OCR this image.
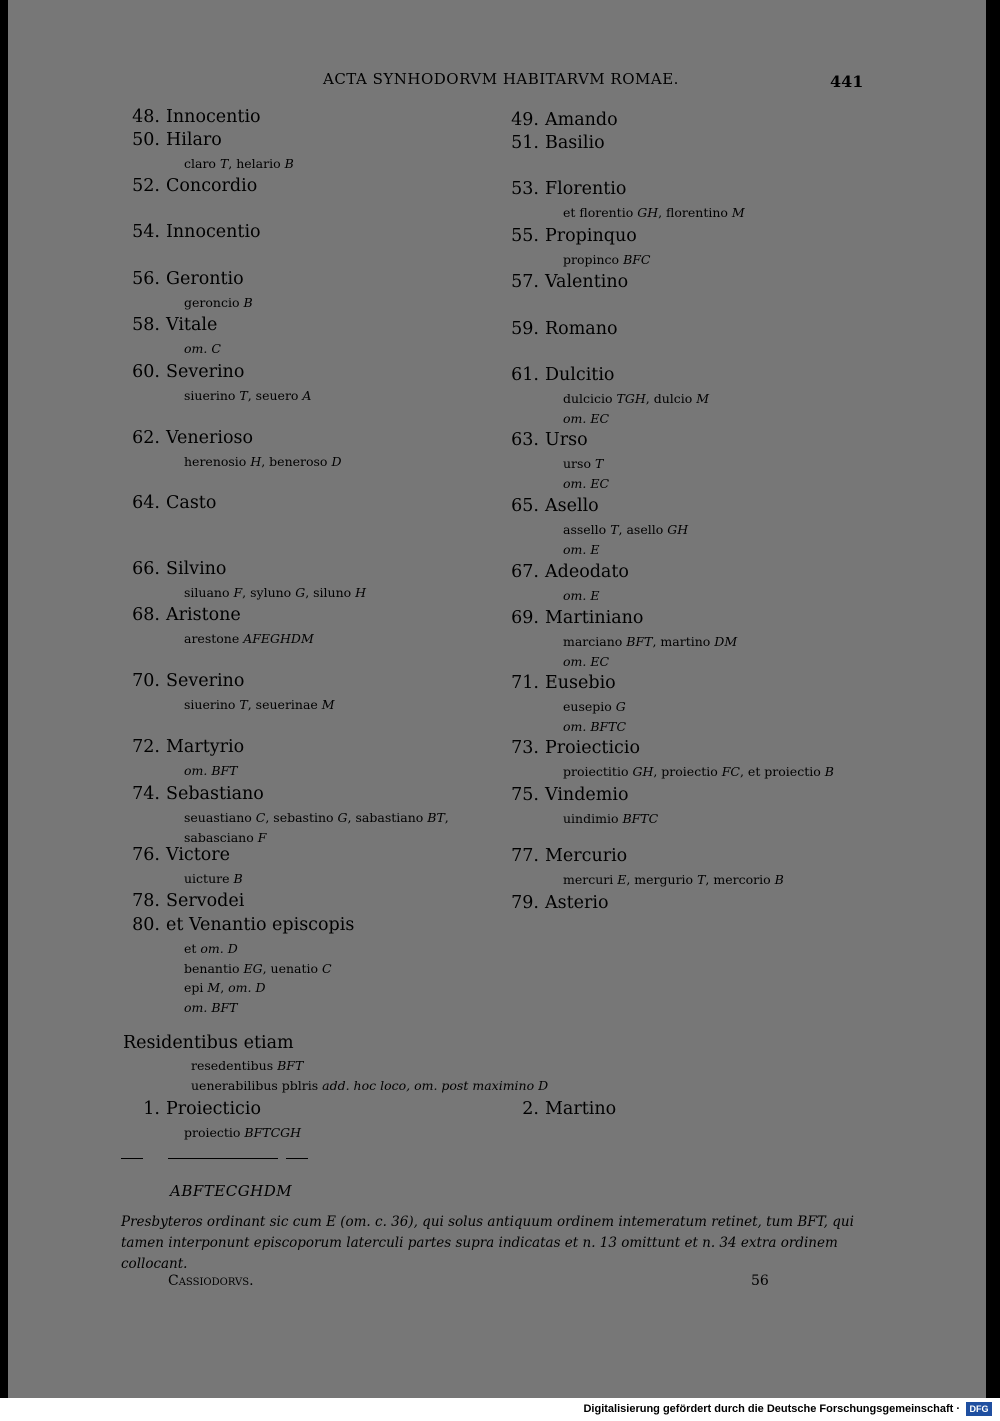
ACTA SYNHODORVM HABITARVM ROMAE.	441
48. Innocentio
50. Hilaro
claro T, helario B
52. Concordio
54. Innocentio
56. Gerontio
geroncio B
58. Vitale
om. C
60. Severino
siuerino T, seuero A
62. Venerioso
herenosio H, beneroso D
64. Casto
66. Silvino
siluano F, syluno G, siluno H
68. Aristone
arestone AFEGHDM
70. Severino
siuerino T, seuerinae M
72. Martyrio
om. BFT
74. Sebastiano
seuastiano C, sebastino G, sabastiano BT,
sabasciano F
76. Victore
uicture B
78. Servodei
80. et Venantio episcopis
et om. D
benantio EG, uenatio C
epi M, om. D
om. BFT
49. Amando
51. Basilio
53. Florentio
et florentio GH, florentino M
55. Propinquo
propinco BFC
57. Valentino
59. Romano
61. Dulcitio
dulcicio TGH, dulcio M
om. EC
63. Urso
urso T
om. EC
65. Asello
assello T, asello GH
om. E
67. Adeodato
om. E
69. Martiniano
marciano BFT, martino DM
om. EC
71. Eusebio
eusepio G
om. BFTC
73. Proiecticio
proiectitio GH, proiectio FC, et proiectio B
75. Vindemio
uindimio BFTC
77. Mercurio
mercuri E, merguriо T, mercorio B
79. Asterio
Residentibus etiam
resedentibus BFT
uenerabilibus pblris add. hoc loco, om. post maximino D
1. Proiecticio
proiectio BFTCGH
2. Martino
ABFTECGHDM
Presbyteros ordinant sic cum E (om. c. 36), qui solus antiquum ordinem intemeratum retinet, tum BFT, qui tamen interponunt episcoporum laterculi partes supra indicatas et n. 13 omittunt et n. 34 extra ordinem collocant.
Cassiodorvs.	56
Digitalisierung gefördert durch die Deutsche Forschungsgemeinschaft ·	DFG
